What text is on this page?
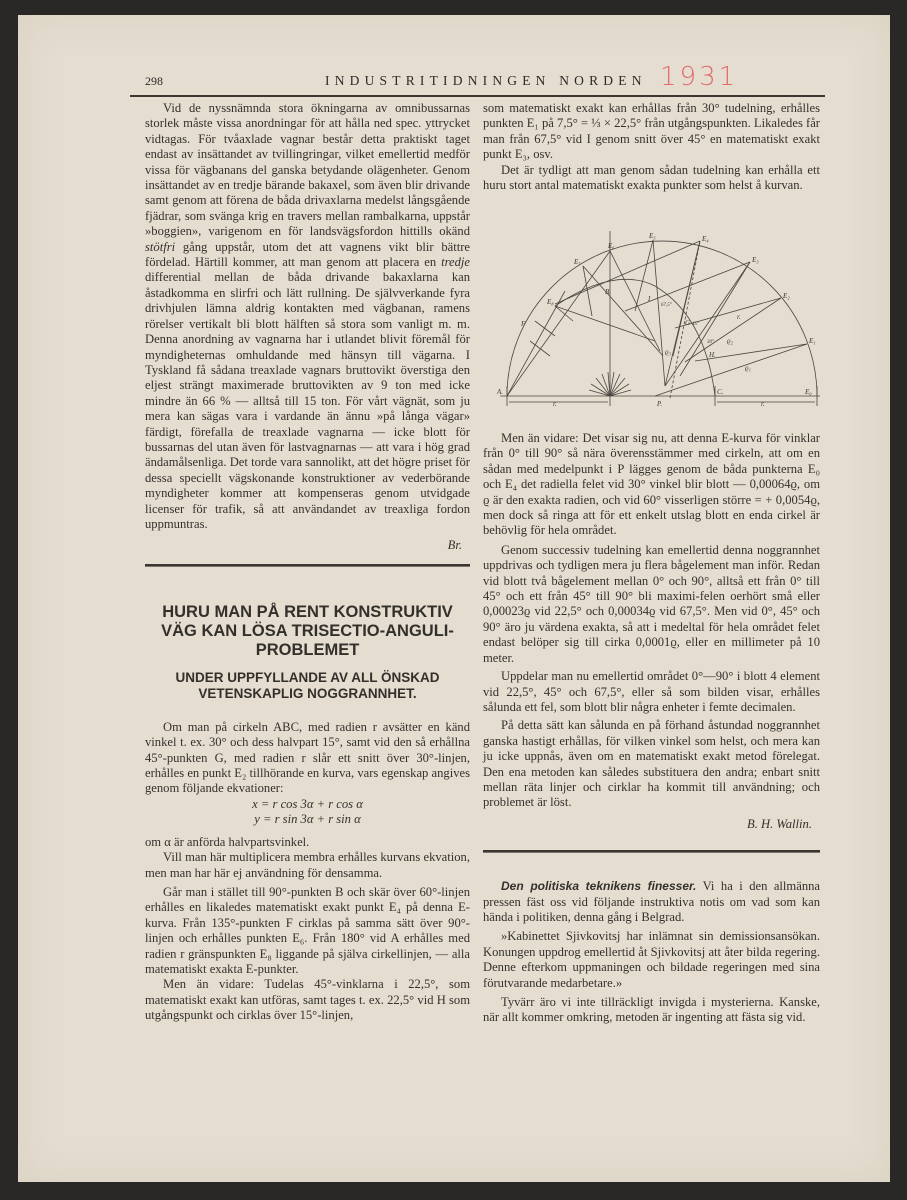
298	INDUSTRITIDNINGEN NORDEN 1931

Vid de nyssnämnda stora ökningarna av omnibussarnas storlek måste vissa anordningar för att hålla ned spec. yttrycket vidtagas. För tvåaxlade vagnar består detta praktiskt taget endast av insättandet av tvillingringar, vilket emellertid medför vissa för vägbanans del ganska betydande olägenheter. Genom insättandet av en tredje bärande bakaxel, som även blir drivande samt genom att förena de båda drivaxlarna medelst långsgående fjädrar, som svänga krig en travers mellan rambalkarna, uppstår »boggien», varigenom en för landsvägsfordon hittills okänd stötfri gång uppstår, utom det att vagnens vikt blir bättre fördelad. Härtill kommer, att man genom att placera en tredje differential mellan de båda drivande bakaxlarna kan åstadkomma en slirfri och lätt rullning. De självverkande fyra drivhjulen lämna aldrig kontakten med vägbanan, ramens rörelser vertikalt bli blott hälften så stora som vanligt m. m. Denna anordning av vagnarna har i utlandet blivit föremål för myndigheternas omhuldande med hänsyn till vägarna. I Tyskland få sådana treaxlade vagnars bruttovikt överstiga den eljest strängt maximerade bruttovikten av 9 ton med icke mindre än 66 % — alltså till 15 ton. För vårt vägnät, som ju mera kan sägas vara i vardande än ännu »på långa vägar» färdigt, förefalla de treaxlade vagnarna — icke blott för bussarnas del utan även för lastvagnarnas — att vara i hög grad ändamålsenliga. Det torde vara sannolikt, att det högre priset för dessa speciellt vägskonande konstruktioner av vederbörande myndigheter kommer att kompenseras genom utvidgade licenser för trafik, så att användandet av treaxliga fordon uppmuntras.

Br.
HURU MAN PÅ RENT KONSTRUKTIV VÄG KAN LÖSA TRISECTIO-ANGULI-PROBLEMET
UNDER UPPFYLLANDE AV ALL ÖNSKAD VETENSKAPLIG NOGGRANNHET.

Om man på cirkeln ABC, med radien r avsätter en känd vinkel t. ex. 30° och dess halvpart 15°, samt vid den så erhållna 45°-punkten G, med radien r slår ett snitt över 30°-linjen, erhålles en punkt E₂ tillhörande en kurva, vars egenskap angives genom följande ekvationer:

x = r cos 3α + r cos α

y = r sin 3α + r sin α

om α är anförda halvpartsvinkel.

Vill man här multiplicera membra erhålles kurvans ekvation, men man har här ej användning för densamma.

Går man i stället till 90°-punkten B och skär över 60°-linjen erhålles en likaledes matematiskt exakt punkt E₄ på denna E-kurva. Från 135°-punkten F cirklas på samma sätt över 90°-linjen och erhålles punkten E₆. Från 180° vid A erhålles med radien r gränspunkten E₈ liggande på själva cirkellinjen, — alla matematiskt exakta E-punkter.

Men än vidare: Tudelas 45°-vinklarna i 22,5°, som matematiskt exakt kan utföras, samt tages t. ex. 22,5° vid H som utgångspunkt och cirklas över 15°-linjen,

som matematiskt exakt kan erhållas från 30° tudelning, erhålles punkten E₁ på 7,5° = ⅓ × 22,5° från utgångspunkten. Likaledes får man från 67,5° vid I genom snitt över 45° en matematiskt exakt punkt E₃, osv.

Det är tydligt att man genom sådan tudelning kan erhålla ett huru stort antal matematiskt exakta punkter som helst å kurvan.

A.
B.
C.
F
P.
G
H.
I
E₀
E₁
E₂
E₃
E₄
E₅
E₆
E₇
E₈
r.	r.
r.
ϱ₁
ϱ₂
ϱ₃
67,5°
45°
30°

Men än vidare: Det visar sig nu, att denna E-kurva för vinklar från 0° till 90° så nära överensstämmer med cirkeln, att om en sådan med medelpunkt i P lägges genom de båda punkterna E₀ och E₄ det radiella felet vid 30° vinkel blir blott — 0,00064ϱ, om ϱ är den exakta radien, och vid 60° visserligen större = + 0,0054ϱ, men dock så ringa att för ett enkelt utslag blott en enda cirkel är behövlig för hela området.

Genom successiv tudelning kan emellertid denna noggrannhet uppdrivas och tydligen mera ju flera bågelement man inför. Redan vid blott två bågelement mellan 0° och 90°, alltså ett från 0° till 45° och ett från 45° till 90° bli maximi-felen oerhört små eller 0,00023ϱ vid 22,5° och 0,00034ϱ vid 67,5°. Men vid 0°, 45° och 90° äro ju värdena exakta, så att i medeltal för hela området felet endast belöper sig till cirka 0,0001ϱ, eller en millimeter på 10 meter.

Uppdelar man nu emellertid området 0°—90° i blott 4 element vid 22,5°, 45° och 67,5°, eller så som bilden visar, erhålles sålunda ett fel, som blott blir några enheter i femte decimalen.

På detta sätt kan sålunda en på förhand åstundad noggrannhet ganska hastigt erhållas, för vilken vinkel som helst, och mera kan ju icke uppnås, även om en matematiskt exakt metod förelegat. Den ena metoden kan således substituera den andra; enbart snitt mellan räta linjer och cirklar ha kommit till användning; och problemet är löst.

B. H. Wallin.

Den politiska teknikens finesser. Vi ha i den allmänna pressen fäst oss vid följande instruktiva notis om vad som kan hända i politiken, denna gång i Belgrad.

»Kabinettet Sjivkovitsj har inlämnat sin demissionsansökan. Konungen uppdrog emellertid åt Sjivkovitsj att åter bilda regering. Denne efterkom uppmaningen och bildade regeringen med sina förutvarande medarbetare.»

Tyvärr äro vi inte tillräckligt invigda i mysteriernа. Kanske, när allt kommer omkring, metoden är ingenting att fästa sig vid.
